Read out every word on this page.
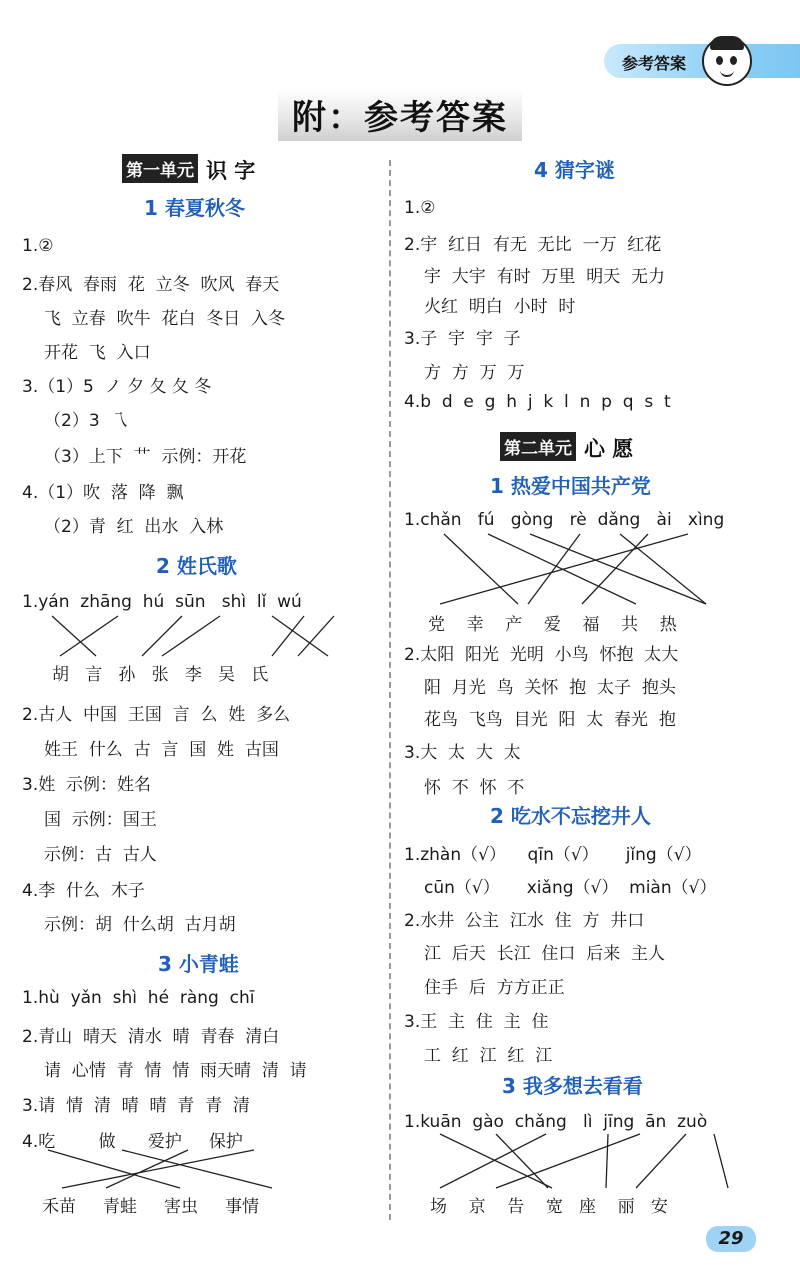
参考答案
附：参考答案
第一单元 识 字
1 春夏秋冬
1.②
2.春风  春雨  花  立冬  吹风  春天
飞  立春  吹牛  花白  冬日  入冬
开花  飞  入口
3.（1）5  ノ 夕 夂 夂 冬
（2）3  乁
（3）上下  艹  示例：开花
4.（1）吹  落  降  飘
（2）青  红  出水  入林
2 姓氏歌
1.yán  zhāng  hú  sūn   shì  lǐ  wú
胡   言   孙   张   李   吴   氏
2.古人  中国  王国  言  么  姓  多么
姓王  什么  古  言  国  姓  古国
3.姓  示例：姓名
国  示例：国王
示例：古  古人
4.李  什么  木子
示例：胡  什么胡  古月胡
3 小青蛙
1.hù  yǎn  shì  hé  ràng  chī
2.青山  晴天  清水  晴  青春  清白
请  心情  青  情  情  雨天晴  清  请
3.请  情  清  晴  晴  青  青  清
4.吃        做      爱护     保护
禾苗     青蛙     害虫     事情
4 猜字谜
1.②
2.宇  红日  有无  无比  一万  红花
宇  大宇  有时  万里  明天  无力
火红  明白  小时  时
3.子  宇  宇  子
方  方  万  万
4.b  d  e  g  h  j  k  l  n  p  q  s  t
第二单元 心 愿
1 热爱中国共产党
1.chǎn   fú   gòng   rè  dǎng   ài   xìng
党    幸    产    爱    福    共    热
2.太阳  阳光  光明  小鸟  怀抱  太大
阳  月光  鸟  关怀  抱  太子  抱头
花鸟  飞鸟  目光  阳  太  春光  抱
3.大  太  大  太
怀  不  怀  不
2 吃水不忘挖井人
1.zhàn（√）    qīn（√）     jǐng（√）
cūn（√）     xiǎng（√）  miàn（√）
2.水井  公主  江水  住  方  井口
江  后天  长江  住口  后来  主人
住手  后  方方正正
3.王  主  住  主  住
工  红  江  红  江
3 我多想去看看
1.kuān  gào  chǎng   lì  jīng  ān  zuò
场    京    告    宽   座    丽   安
29
